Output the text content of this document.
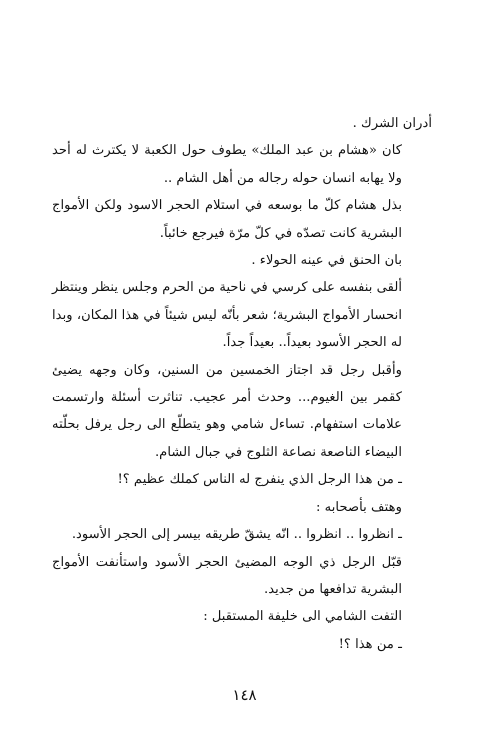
أدران الشرك .

كان «هشام بن عبد الملك» يطوف حول الكعبة لا يكترث له أحد ولا يهابه انسان حوله رجاله من أهل الشام ..

بذل هشام كلّ ما بوسعه في استلام الحجر الاسود ولكن الأمواج البشرية كانت تصدّه في كلّ مرّة فيرجع خائباً.

بان الحنق في عينه الحولاء .

ألقى بنفسه على كرسي في ناحية من الحرم وجلس ينظر وينتظر انحسار الأمواج البشرية؛ شعر بأنّه ليس شيئاً في هذا المكان، وبدا له الحجر الأسود بعيداً.. بعيداً جداً.

وأقبل رجل قد اجتاز الخمسين من السنين، وكان وجهه يضيئ كقمر بين الغيوم... وحدث أمر عجيب. تناثرت أسئلة وارتسمت علامات استفهام. تساءل شامي وهو يتطلّع الى رجل يرفل بحلّته البيضاء الناصعة نصاعة الثلوج في جبال الشام.

ـ من هذا الرجل الذي ينفرج له الناس كملك عظيم ؟!

وهتف بأصحابه :

ـ انظروا .. انظروا .. انّه يشقّ طريقه بيسر إلى الحجر الأسود.

قبّل الرجل ذي الوجه المضيئ الحجر الأسود واستأنفت الأمواج البشرية تدافعها من جديد.

التفت الشامي الى خليفة المستقبل :

ـ من هذا ؟!

١٤٨
